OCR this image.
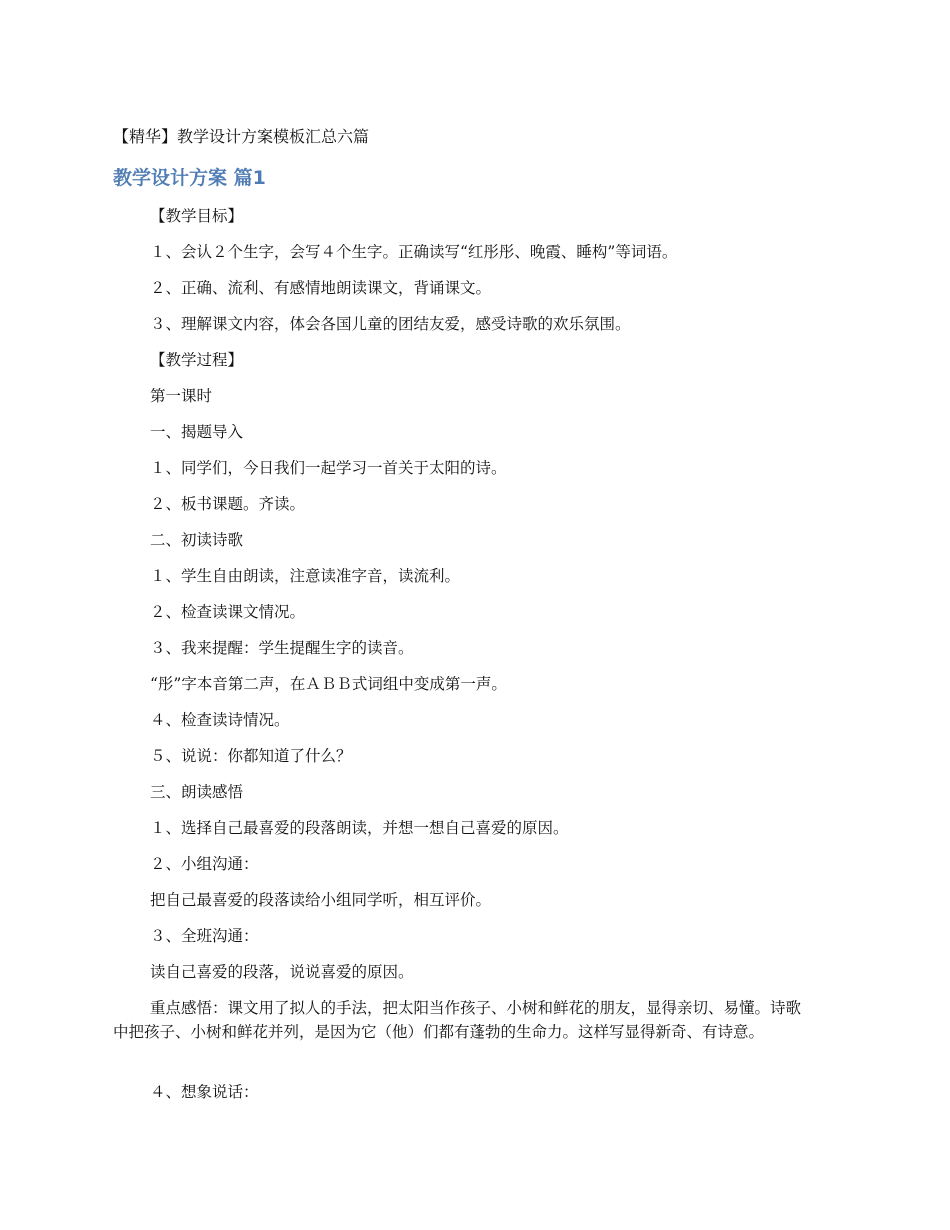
【精华】教学设计方案模板汇总六篇
教学设计方案 篇1

【教学目标】

１、会认２个生字，会写４个生字。正确读写“红彤彤、晚霞、睡构”等词语。

２、正确、流利、有感情地朗读课文，背诵课文。

３、理解课文内容，体会各国儿童的团结友爱，感受诗歌的欢乐氛围。

【教学过程】

第一课时

一、揭题导入

１、同学们，今日我们一起学习一首关于太阳的诗。

２、板书课题。齐读。

二、初读诗歌

１、学生自由朗读，注意读准字音，读流利。

２、检查读课文情况。

３、我来提醒：学生提醒生字的读音。

“彤”字本音第二声，在ＡＢＢ式词组中变成第一声。

４、检查读诗情况。

５、说说：你都知道了什么？

三、朗读感悟

１、选择自己最喜爱的段落朗读，并想一想自己喜爱的原因。

２、小组沟通：

把自己最喜爱的段落读给小组同学听，相互评价。

３、全班沟通：

读自己喜爱的段落，说说喜爱的原因。

重点感悟：课文用了拟人的手法，把太阳当作孩子、小树和鲜花的朋友，显得亲切、易懂。诗歌中把孩子、小树和鲜花并列，是因为它（他）们都有蓬勃的生命力。这样写显得新奇、有诗意。

４、想象说话：
